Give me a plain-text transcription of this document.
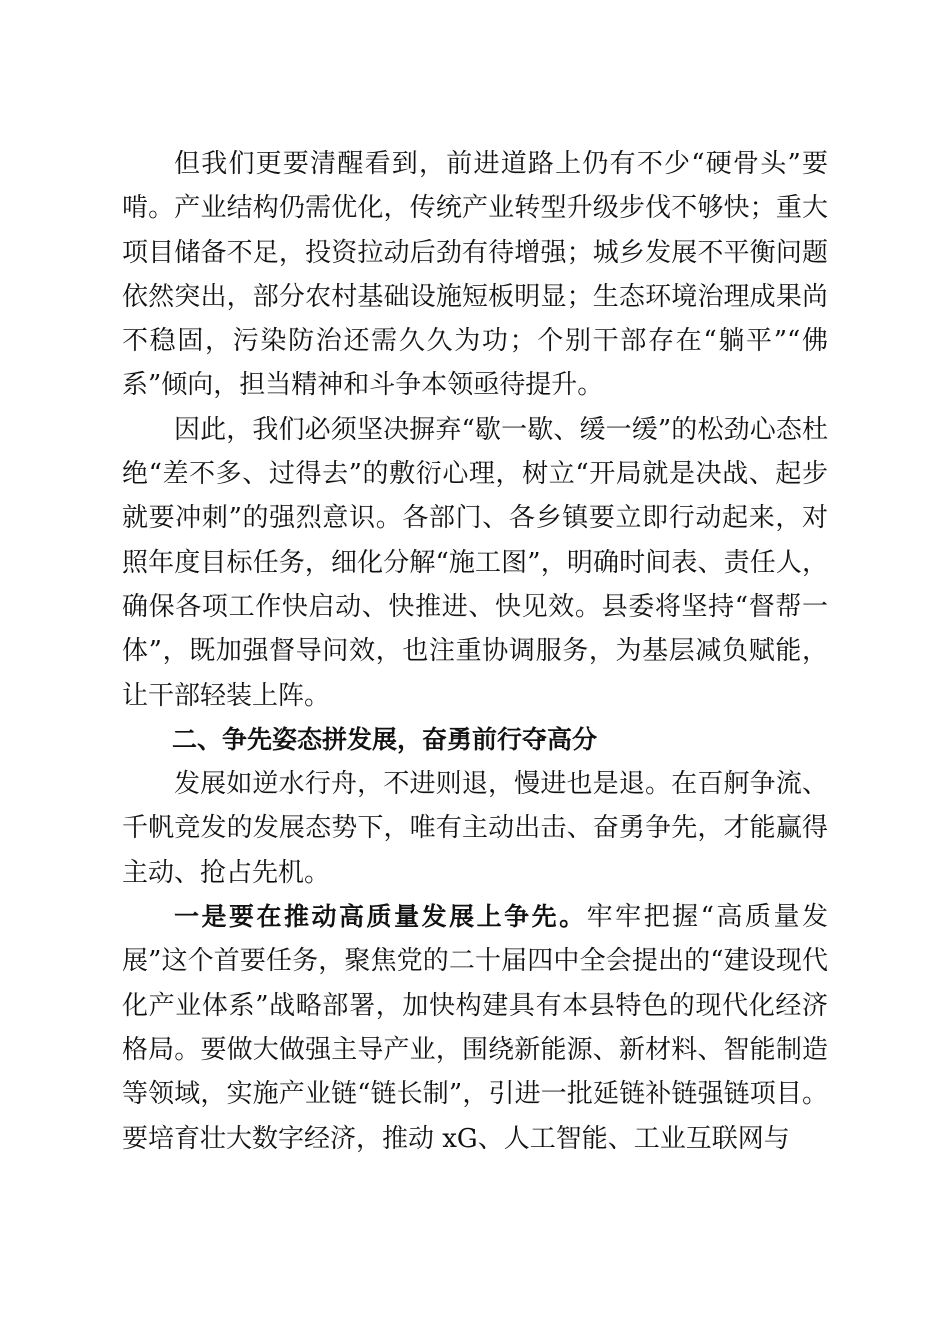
但我们更要清醒看到，前进道路上仍有不少“硬骨头”要啃。产业结构仍需优化，传统产业转型升级步伐不够快；重大项目储备不足，投资拉动后劲有待增强；城乡发展不平衡问题依然突出，部分农村基础设施短板明显；生态环境治理成果尚不稳固，污染防治还需久久为功；个别干部存在“躺平”“佛系”倾向，担当精神和斗争本领亟待提升。

因此，我们必须坚决摒弃“歇一歇、缓一缓”的松劲心态杜绝“差不多、过得去”的敷衍心理，树立“开局就是决战、起步就要冲刺”的强烈意识。各部门、各乡镇要立即行动起来，对照年度目标任务，细化分解“施工图”，明确时间表、责任人，确保各项工作快启动、快推进、快见效。县委将坚持“督帮一体”，既加强督导问效，也注重协调服务，为基层减负赋能，让干部轻装上阵。

二、争先姿态拼发展，奋勇前行夺高分

发展如逆水行舟，不进则退，慢进也是退。在百舸争流、千帆竞发的发展态势下，唯有主动出击、奋勇争先，才能赢得主动、抢占先机。

一是要在推动高质量发展上争先。牢牢把握“高质量发展”这个首要任务，聚焦党的二十届四中全会提出的“建设现代化产业体系”战略部署，加快构建具有本县特色的现代化经济格局。要做大做强主导产业，围绕新能源、新材料、智能制造等领域，实施产业链“链长制”，引进一批延链补链强链项目。要培育壮大数字经济，推动 xG、人工智能、工业互联网与
